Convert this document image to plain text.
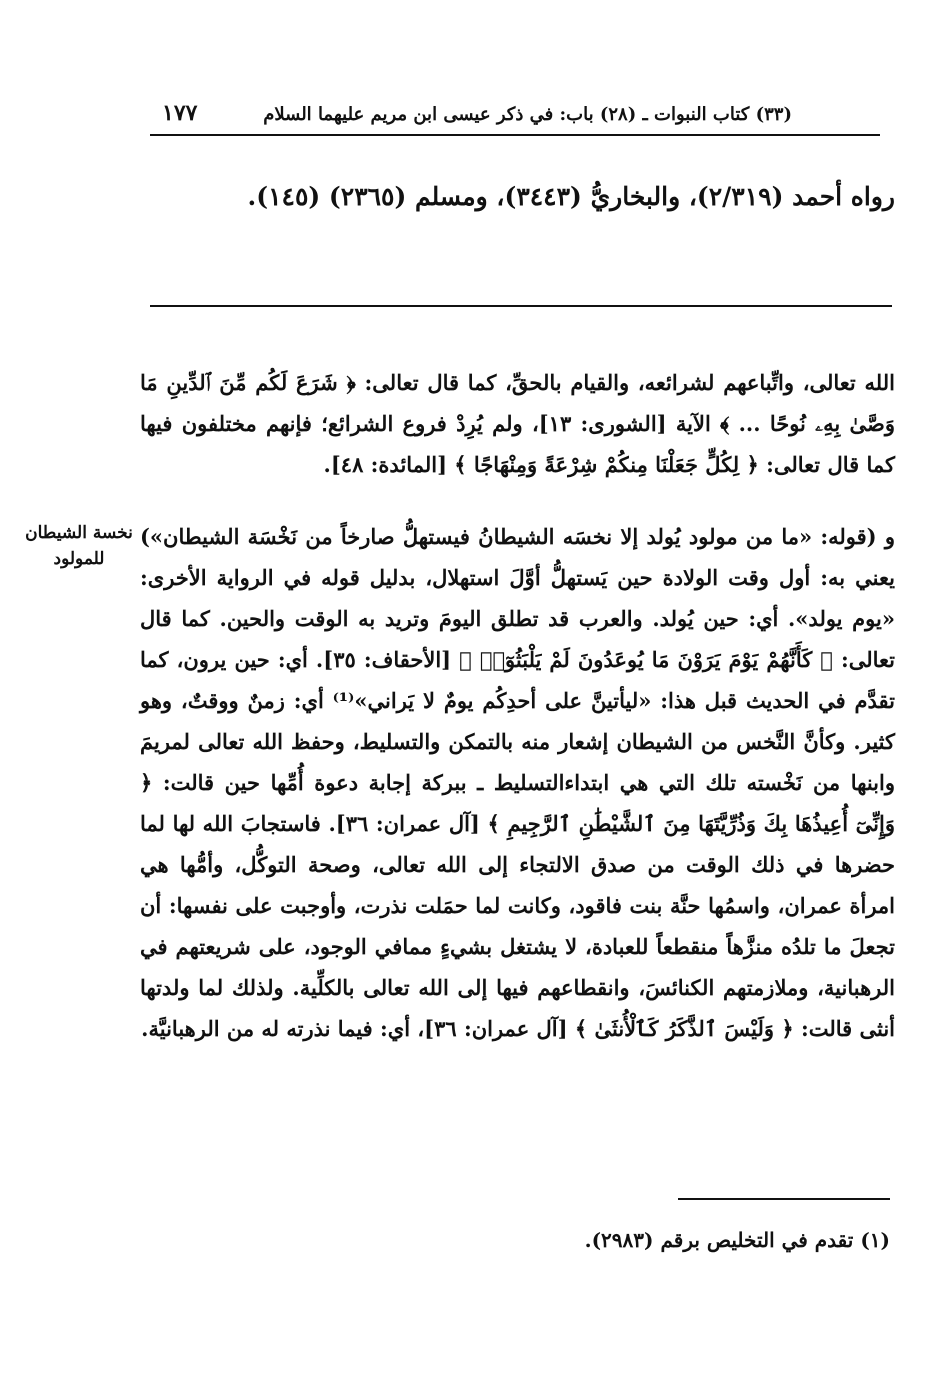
١٧٧	(٣٣) كتاب النبوات ـ (٢٨) باب: في ذكر عيسى ابن مريم عليهما السلام
رواه أحمد (٢/٣١٩)، والبخاريُّ (٣٤٤٣)، ومسلم (٢٣٦٥) (١٤٥).
الله تعالى، واتِّباعهم لشرائعه، والقيام بالحقِّ، كما قال تعالى: ﴿ شَرَعَ لَكُم مِّنَ ٱلدِّينِ مَا وَصَّىٰ بِهِۦ نُوحًا ... ﴾ الآية [الشورى: ١٣]، ولم يُرِدْ فروع الشرائع؛ فإنهم مختلفون فيها كما قال تعالى: ﴿ لِكُلٍّ جَعَلْنَا مِنكُمْ شِرْعَةً وَمِنْهَاجًا ﴾ [المائدة: ٤٨].
نخسة الشيطان للمولود
و (قوله: «ما من مولود يُولد إلا نخسَه الشيطانُ فيستهلُّ صارخاً من نَخْسَة الشيطان») يعني به: أول وقت الولادة حين يَستهلُّ أوَّلَ استهلال، بدليل قوله في الرواية الأخرى: «يوم يولد». أي: حين يُولد. والعرب قد تطلق اليومَ وتريد به الوقت والحين. كما قال تعالى: ﴿ كَأَنَّهُمْ يَوْمَ يَرَوْنَ مَا يُوعَدُونَ لَمْ يَلْبَثُوٓا۟ ﴾ [الأحقاف: ٣٥]. أي: حين يرون، كما تقدَّم في الحديث قبل هذا: «ليأتينَّ على أحدِكُم يومٌ لا يَراني»⁽¹⁾ أي: زمنٌ ووقتٌ، وهو كثير. وكأنَّ النَّخس من الشيطان إشعار منه بالتمكن والتسليط، وحفظ الله تعالى لمريمَ وابنها من نَخْسته تلك التي هي ابتداءالتسليط ـ ببركة إجابة دعوة أُمِّها حين قالت: ﴿ وَإِنِّىٓ أُعِيذُهَا بِكَ وَذُرِّيَّتَهَا مِنَ ٱلشَّيْطَٰنِ ٱلرَّجِيمِ ﴾ [آل عمران: ٣٦]. فاستجابَ الله لها لما حضرها في ذلك الوقت من صدق الالتجاء إلى الله تعالى، وصحة التوكُّل، وأمُّها هي امرأة عمران، واسمُها حنَّة بنت فاقود، وكانت لما حمَلت نذرت، وأوجبت على نفسها: أن تجعلَ ما تلدُه منزَّهاً منقطعاً للعبادة، لا يشتغل بشيءٍ ممافي الوجود، على شريعتهم في الرهبانية، وملازمتهم الكنائسَ، وانقطاعهم فيها إلى الله تعالى بالكلِّية. ولذلك لما ولدتها أنثى قالت: ﴿ وَلَيْسَ ٱلذَّكَرُ كَٱلْأُنثَىٰ ﴾ [آل عمران: ٣٦]، أي: فيما نذرته له من الرهبانيَّة.
(١) تقدم في التخليص برقم (٢٩٨٣).
